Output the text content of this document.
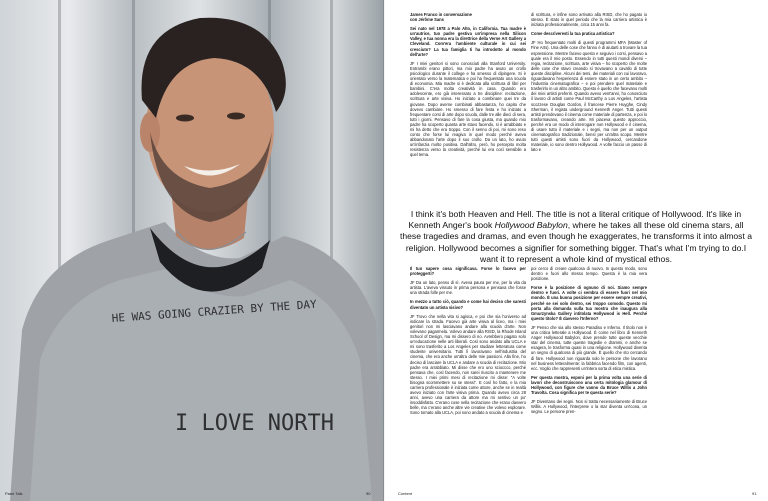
HE WAS GOING CRAZIER BY THE DAY
I LOVE NORTH
Pane Talk	90

James Franco in conversazione
con Jérôme Sans

Sei nato nel 1978 a Palo Alto, in California. Tua madre è un'autrice, tuo padre gestiva un'impresa nella Silicon Valley, e tua nonna era la direttrice della Verne Art Gallery a Cleveland. Com'era l'ambiente culturale in cui sei cresciuto? La tua famiglia ti ha introdotto al mondo dell'arte?

JF I miei genitori si sono conosciuti alla Stanford University. Entrambi erano pittori, ma mio padre ha avuto un crollo psicologico durante il college e ha smesso di dipingere. Si è orientato verso la matematica e poi ha frequentato una scuola di economia. Mia madre si è dedicata alla scrittura di libri per bambini. C'era molta creatività in casa. Quando ero adolescente, ero già interessato a tre discipline: recitazione, scrittura e arte visiva. Ho iniziato a combinare quei tre da giovane. Dopo averne combinati abbastanza, ho capito che dovevo cambiare. Ho smesso di fare festa e ho iniziato a frequentare corsi di arte dopo scuola, dalle tre alle dieci di sera, tutti i giorni. Pensavo di fare la cosa giusta, ma quando mio padre ha scoperto quanta arte stavo facendo, si è arrabbiato e mi ha detto che era troppo. Con il senno di poi, mi sono reso conto che forse lui reagiva in quel modo perché aveva abbandonato l'arte dopo il suo crollo. Da un lato, ho avuto un'infanzia molto positiva. Dall'altro, però, ho percepito molta resistenza verso la creatività, perché lui era così sensibile a quel tema.

di scrittura, e infine sono arrivato alla RISD, che ho pagato io stesso. È stato in quel periodo che la mia carriera artistica è iniziata professionalmente, circa 15 anni fa.

Come descriveresti la tua pratica artistica?

JF Ho frequentato molti di questi programmi MFA (Master of Fine Arts). Una delle cose che fanno è di aiutarti a trovare la tua espressione. Mentre facevo questo e seguivo i corsi, pensavo a quale era il mio posto. Essendo in tutti questi mondi diversi – regia, recitazione, scrittura, arte visiva – ho scoperto che molte delle cose che stavo creando si trovavano a cavallo di tutte queste discipline. Alcuni dei temi, dei materiali con cui lavoravo, riguardavano l'esperienza di essere stato in un certo ambito – l'industria cinematografica – e poi prendere quel materiale e trasferirlo in un altro ambito. Questo è quello che facevano molti dei miei artisti preferiti. Quando avevo vent'anni, ho conosciuto il lavoro di artisti come Paul McCarthy a Los Angeles, l'artista scozzese Douglas Gordon, il francese Pierre Huyghe, Cindy Sherman, il regista underground Kenneth Anger. Tutti questi artisti prendevano il cinema come materiale di partenza, e poi lo trasformavano, creando arte. Mi piaceva questo approccio, perché era un modo di interrogare non Hollywood e il cinema, di usare tutto il materiale e i segni, ma non per un output cinematografico tradizionale, bensì per un'altra scopo. Mentre tutti questi artisti sono fuori da Hollywood, cercandone materiale, io sono dentro Hollywood. A volte faccio un passo di lato e

I think it's both Heaven and Hell. The title is not a literal critique of Hollywood. It's like in Kenneth Anger's book Hollywood Babylon, where he takes all these old cinema stars, all these tragedies and dramas, and even though he exaggerates, he transforms it into almost a religion. Hollywood becomes a signifier for something bigger. That's what I'm trying to do.I want it to represent a whole kind of mystical ethos.

Il tuo sapere cosa significava. Forse lo facevo per proteggerti?

JF Da un lato, penso di sì. Aveva paura per me, per la vita da artista. L'aveva vissuto in prima persona e pensava che fosse una strada folle per me.

In mezzo a tutto ciò, quando e come hai deciso che saresti diventato un artista visivo?

JF Trovo che nella vita si agisca, e poi che sia l'universo ad indicare la strada. Facevo già arte visiva al liceo, ma i miei genitori non mi lasciavano andare alla scuola d'arte. Non volevano pagarmela. Volevo andare alla RISD, la Rhode Island School of Design, ma mi dissero di no. Avrebbero pagato solo un'educazione nelle arti liberali. Così sono andato alla UCLA e mi sono trasferito a Los Angeles per studiare letteratura come studente universitario. Tutti lì lavoravano nell'industria del cinema, che era anche un'altra delle mie passioni. Alla fine, ho deciso di lasciare la UCLA e andare a scuola di recitazione. Mio padre era arrabbiato. Mi disse che ero uno scioccco, perché pensava che, così facendo, non sarei riuscito a mantenere me stesso. I miei primi mesi di recitazione mi disse: "A volte bisogna scommettere su se stessi". E così ho fatto, e la mia carriera professionale è iniziata come attore, anche se in realtà avevo iniziato con l'arte visiva prima. Quando avevo circa 28 anni, avevo una carriera da attore ma mi sentivo un po' insoddisfatto. C'erano cose nella recitazione che erano davvero belle, ma c'erano anche altre vie creative che volevo esplorare. Sono tornato alla UCLA, poi sono andato a scuola di cinema e

poi cerco di creare qualcosa di nuovo. In questo modo, sono dentro e fuori allo stesso tempo. Questa è la mia vera posizione.

Forse è la posizione di ognuno di noi. Siamo sempre dentro e fuori. A volte ci sembra di essere fuori nel mio mondo. È una buona posizione per essere sempre creativi, perché se sei solo dentro, sei troppo comodo. Questo mi porta alla domanda sulla tua mostra che inaugura alla Gmurzynska Gallery intitolata Hollywood is Hell. Perché questo titolo? È davvero l'Inferno?

JF Penso che sia allo stesso Paradiso e Inferno. Il titolo non è una critica letterale a Hollywood. È come nel libro di Kenneth Anger Hollywood Babylon, dove prende tutte queste vecchie star del cinema, tutte queste tragedie e drammi, e anche se esagera, le trasforma quasi in una religione. Hollywood diventa un segno di qualcosa di più grande. È quello che sto cercando di fare. Hollywood non riguarda solo le persone che lavorano nel business letteralmente: la fabbrica facendo film, con agenti, ecc. Voglio che rappresenti un'intera sorta di etica mistica.

Per questa mostra, esponi per la prima volta una serie di lavori che decostruiscono una certa mitologia glamour di Hollywood, con figure che vanno da Bruce Willis a John Travolta. Cosa significa per te questa serie?

JF Diventano dei segni. Non si tratta necessariamente di Bruce Willis. A Hollywood, l'interprete o la star diventa un'icona, un segno. Le persone pren-

Content	91
